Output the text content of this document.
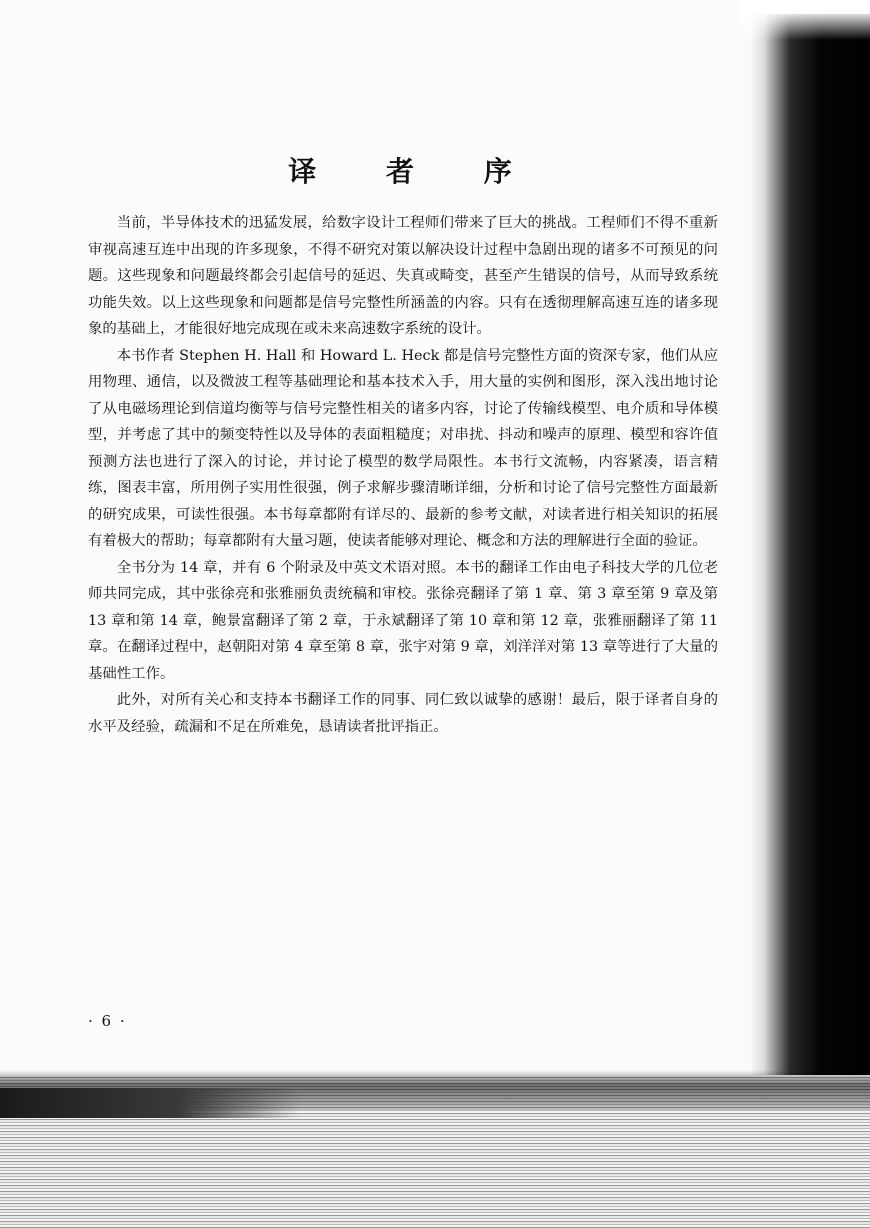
译 者 序

当前，半导体技术的迅猛发展，给数字设计工程师们带来了巨大的挑战。工程师们不得不重新审视高速互连中出现的许多现象，不得不研究对策以解决设计过程中急剧出现的诸多不可预见的问题。这些现象和问题最终都会引起信号的延迟、失真或畸变，甚至产生错误的信号，从而导致系统功能失效。以上这些现象和问题都是信号完整性所涵盖的内容。只有在透彻理解高速互连的诸多现象的基础上，才能很好地完成现在或未来高速数字系统的设计。

本书作者 Stephen H. Hall 和 Howard L. Heck 都是信号完整性方面的资深专家，他们从应用物理、通信，以及微波工程等基础理论和基本技术入手，用大量的实例和图形，深入浅出地讨论了从电磁场理论到信道均衡等与信号完整性相关的诸多内容，讨论了传输线模型、电介质和导体模型，并考虑了其中的频变特性以及导体的表面粗糙度；对串扰、抖动和噪声的原理、模型和容许值预测方法也进行了深入的讨论，并讨论了模型的数学局限性。本书行文流畅，内容紧凑，语言精练，图表丰富，所用例子实用性很强，例子求解步骤清晰详细，分析和讨论了信号完整性方面最新的研究成果，可读性很强。本书每章都附有详尽的、最新的参考文献，对读者进行相关知识的拓展有着极大的帮助；每章都附有大量习题，使读者能够对理论、概念和方法的理解进行全面的验证。

全书分为 14 章，并有 6 个附录及中英文术语对照。本书的翻译工作由电子科技大学的几位老师共同完成，其中张徐亮和张雅丽负责统稿和审校。张徐亮翻译了第 1 章、第 3 章至第 9 章及第 13 章和第 14 章，鲍景富翻译了第 2 章，于永斌翻译了第 10 章和第 12 章，张雅丽翻译了第 11 章。在翻译过程中，赵朝阳对第 4 章至第 8 章，张宇对第 9 章，刘洋洋对第 13 章等进行了大量的基础性工作。

此外，对所有关心和支持本书翻译工作的同事、同仁致以诚挚的感谢！最后，限于译者自身的水平及经验，疏漏和不足在所难免，恳请读者批评指正。

· 6 ·
